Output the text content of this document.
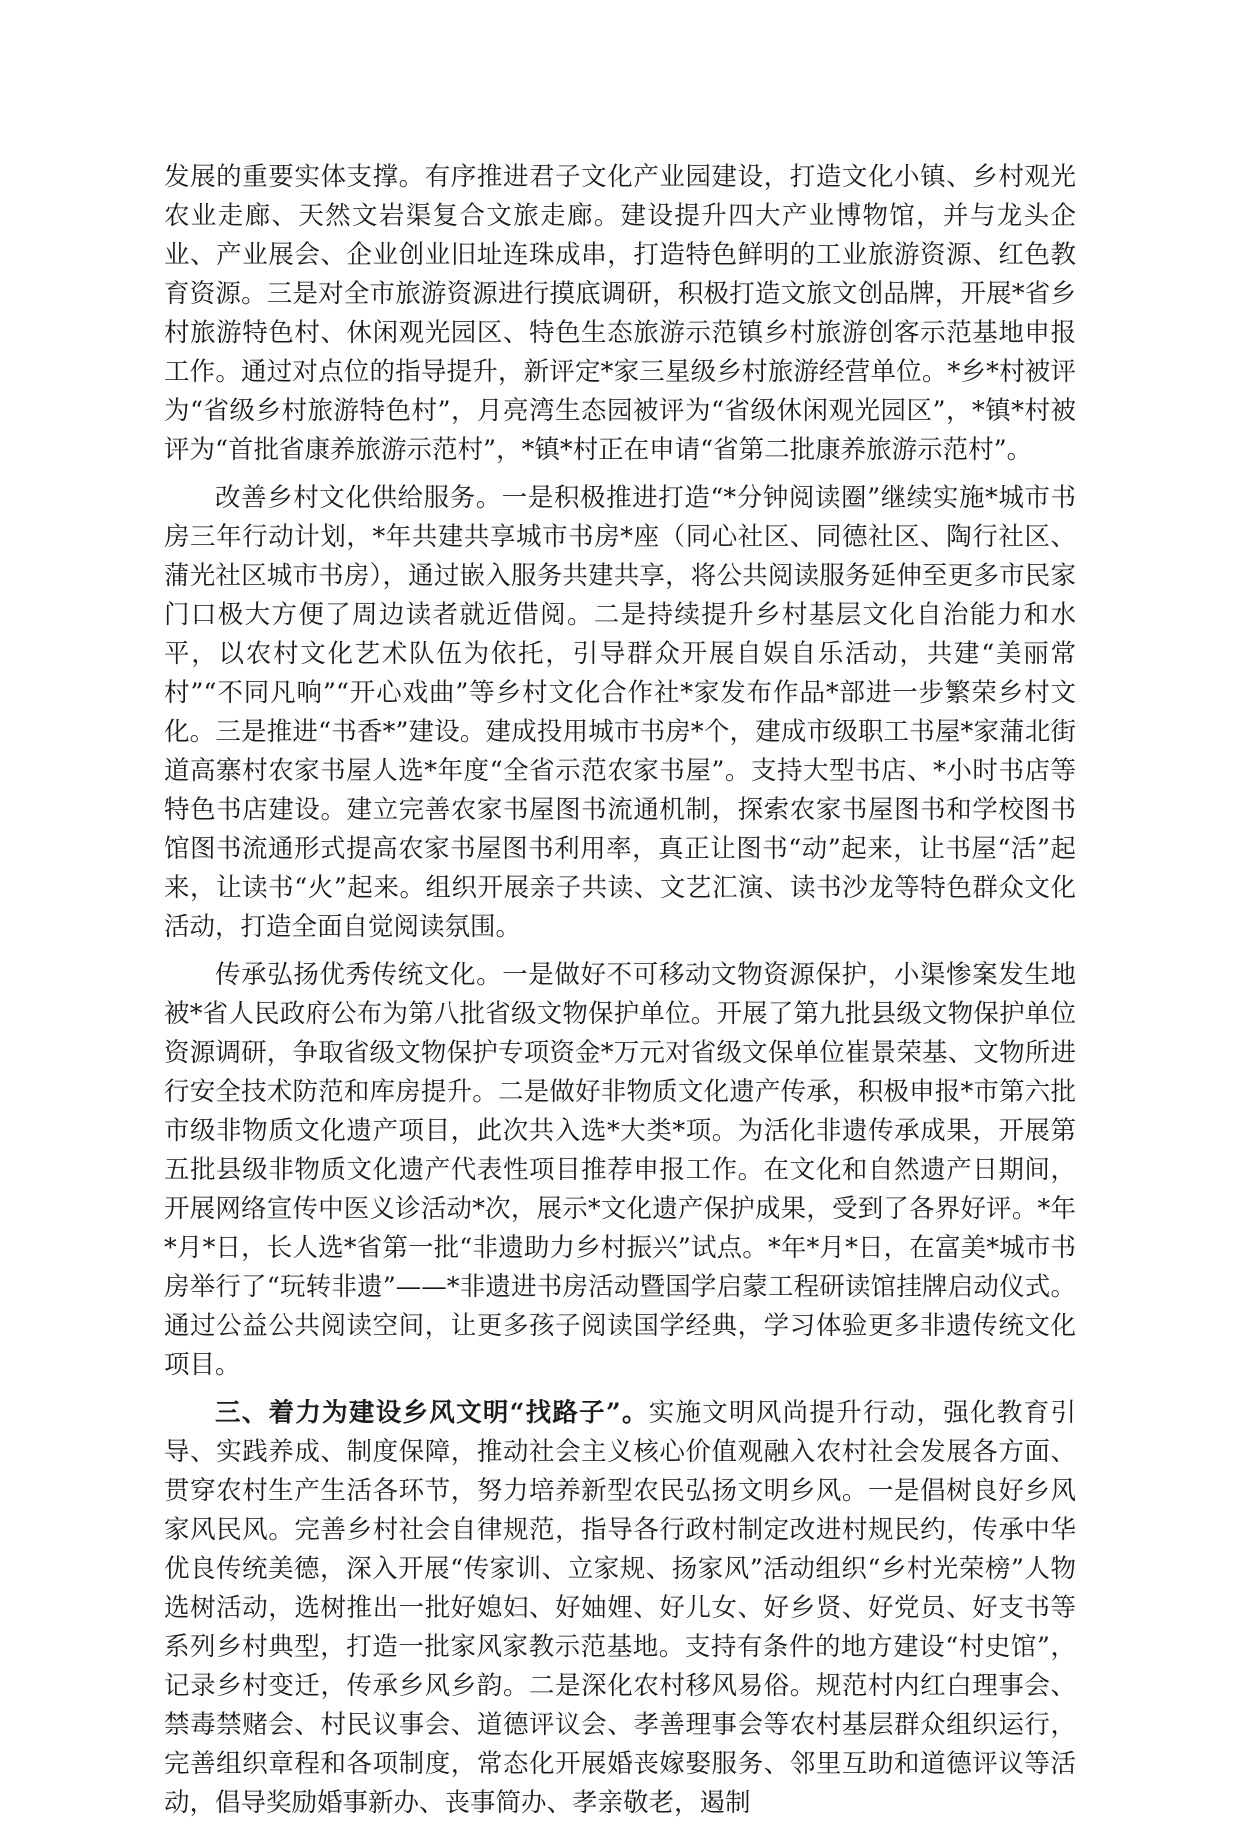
发展的重要实体支撑。有序推进君子文化产业园建设，打造文化小镇、乡村观光农业走廊、天然文岩渠复合文旅走廊。建设提升四大产业博物馆，并与龙头企业、产业展会、企业创业旧址连珠成串，打造特色鲜明的工业旅游资源、红色教育资源。三是对全市旅游资源进行摸底调研，积极打造文旅文创品牌，开展*省乡村旅游特色村、休闲观光园区、特色生态旅游示范镇乡村旅游创客示范基地申报工作。通过对点位的指导提升，新评定*家三星级乡村旅游经营单位。*乡*村被评为“省级乡村旅游特色村”，月亮湾生态园被评为“省级休闲观光园区”，*镇*村被评为“首批省康养旅游示范村”，*镇*村正在申请“省第二批康养旅游示范村”。

改善乡村文化供给服务。一是积极推进打造“*分钟阅读圈”继续实施*城市书房三年行动计划，*年共建共享城市书房*座（同心社区、同德社区、陶行社区、蒲光社区城市书房），通过嵌入服务共建共享，将公共阅读服务延伸至更多市民家门口极大方便了周边读者就近借阅。二是持续提升乡村基层文化自治能力和水平，以农村文化艺术队伍为依托，引导群众开展自娱自乐活动，共建“美丽常村”“不同凡响”“开心戏曲”等乡村文化合作社*家发布作品*部进一步繁荣乡村文化。三是推进“书香*”建设。建成投用城市书房*个，建成市级职工书屋*家蒲北街道高寨村农家书屋人选*年度“全省示范农家书屋”。支持大型书店、*小时书店等特色书店建设。建立完善农家书屋图书流通机制，探索农家书屋图书和学校图书馆图书流通形式提高农家书屋图书利用率，真正让图书“动”起来，让书屋“活”起来，让读书“火”起来。组织开展亲子共读、文艺汇演、读书沙龙等特色群众文化活动，打造全面自觉阅读氛围。

传承弘扬优秀传统文化。一是做好不可移动文物资源保护，小渠惨案发生地被*省人民政府公布为第八批省级文物保护单位。开展了第九批县级文物保护单位资源调研，争取省级文物保护专项资金*万元对省级文保单位崔景荣基、文物所进行安全技术防范和库房提升。二是做好非物质文化遗产传承，积极申报*市第六批市级非物质文化遗产项目，此次共入选*大类*项。为活化非遗传承成果，开展第五批县级非物质文化遗产代表性项目推荐申报工作。在文化和自然遗产日期间，开展网络宣传中医义诊活动*次，展示*文化遗产保护成果，受到了各界好评。*年*月*日，长人选*省第一批“非遗助力乡村振兴”试点。*年*月*日，在富美*城市书房举行了“玩转非遗”——*非遗进书房活动暨国学启蒙工程研读馆挂牌启动仪式。通过公益公共阅读空间，让更多孩子阅读国学经典，学习体验更多非遗传统文化项目。

三、着力为建设乡风文明“找路子”。实施文明风尚提升行动，强化教育引导、实践养成、制度保障，推动社会主义核心价值观融入农村社会发展各方面、贯穿农村生产生活各环节，努力培养新型农民弘扬文明乡风。一是倡树良好乡风家风民风。完善乡村社会自律规范，指导各行政村制定改进村规民约，传承中华优良传统美德，深入开展“传家训、立家规、扬家风”活动组织“乡村光荣榜”人物选树活动，选树推出一批好媳妇、好妯娌、好儿女、好乡贤、好党员、好支书等系列乡村典型，打造一批家风家教示范基地。支持有条件的地方建设“村史馆”，记录乡村变迁，传承乡风乡韵。二是深化农村移风易俗。规范村内红白理事会、禁毒禁赌会、村民议事会、道德评议会、孝善理事会等农村基层群众组织运行，完善组织章程和各项制度，常态化开展婚丧嫁娶服务、邻里互助和道德评议等活动，倡导奖励婚事新办、丧事简办、孝亲敬老，遏制
